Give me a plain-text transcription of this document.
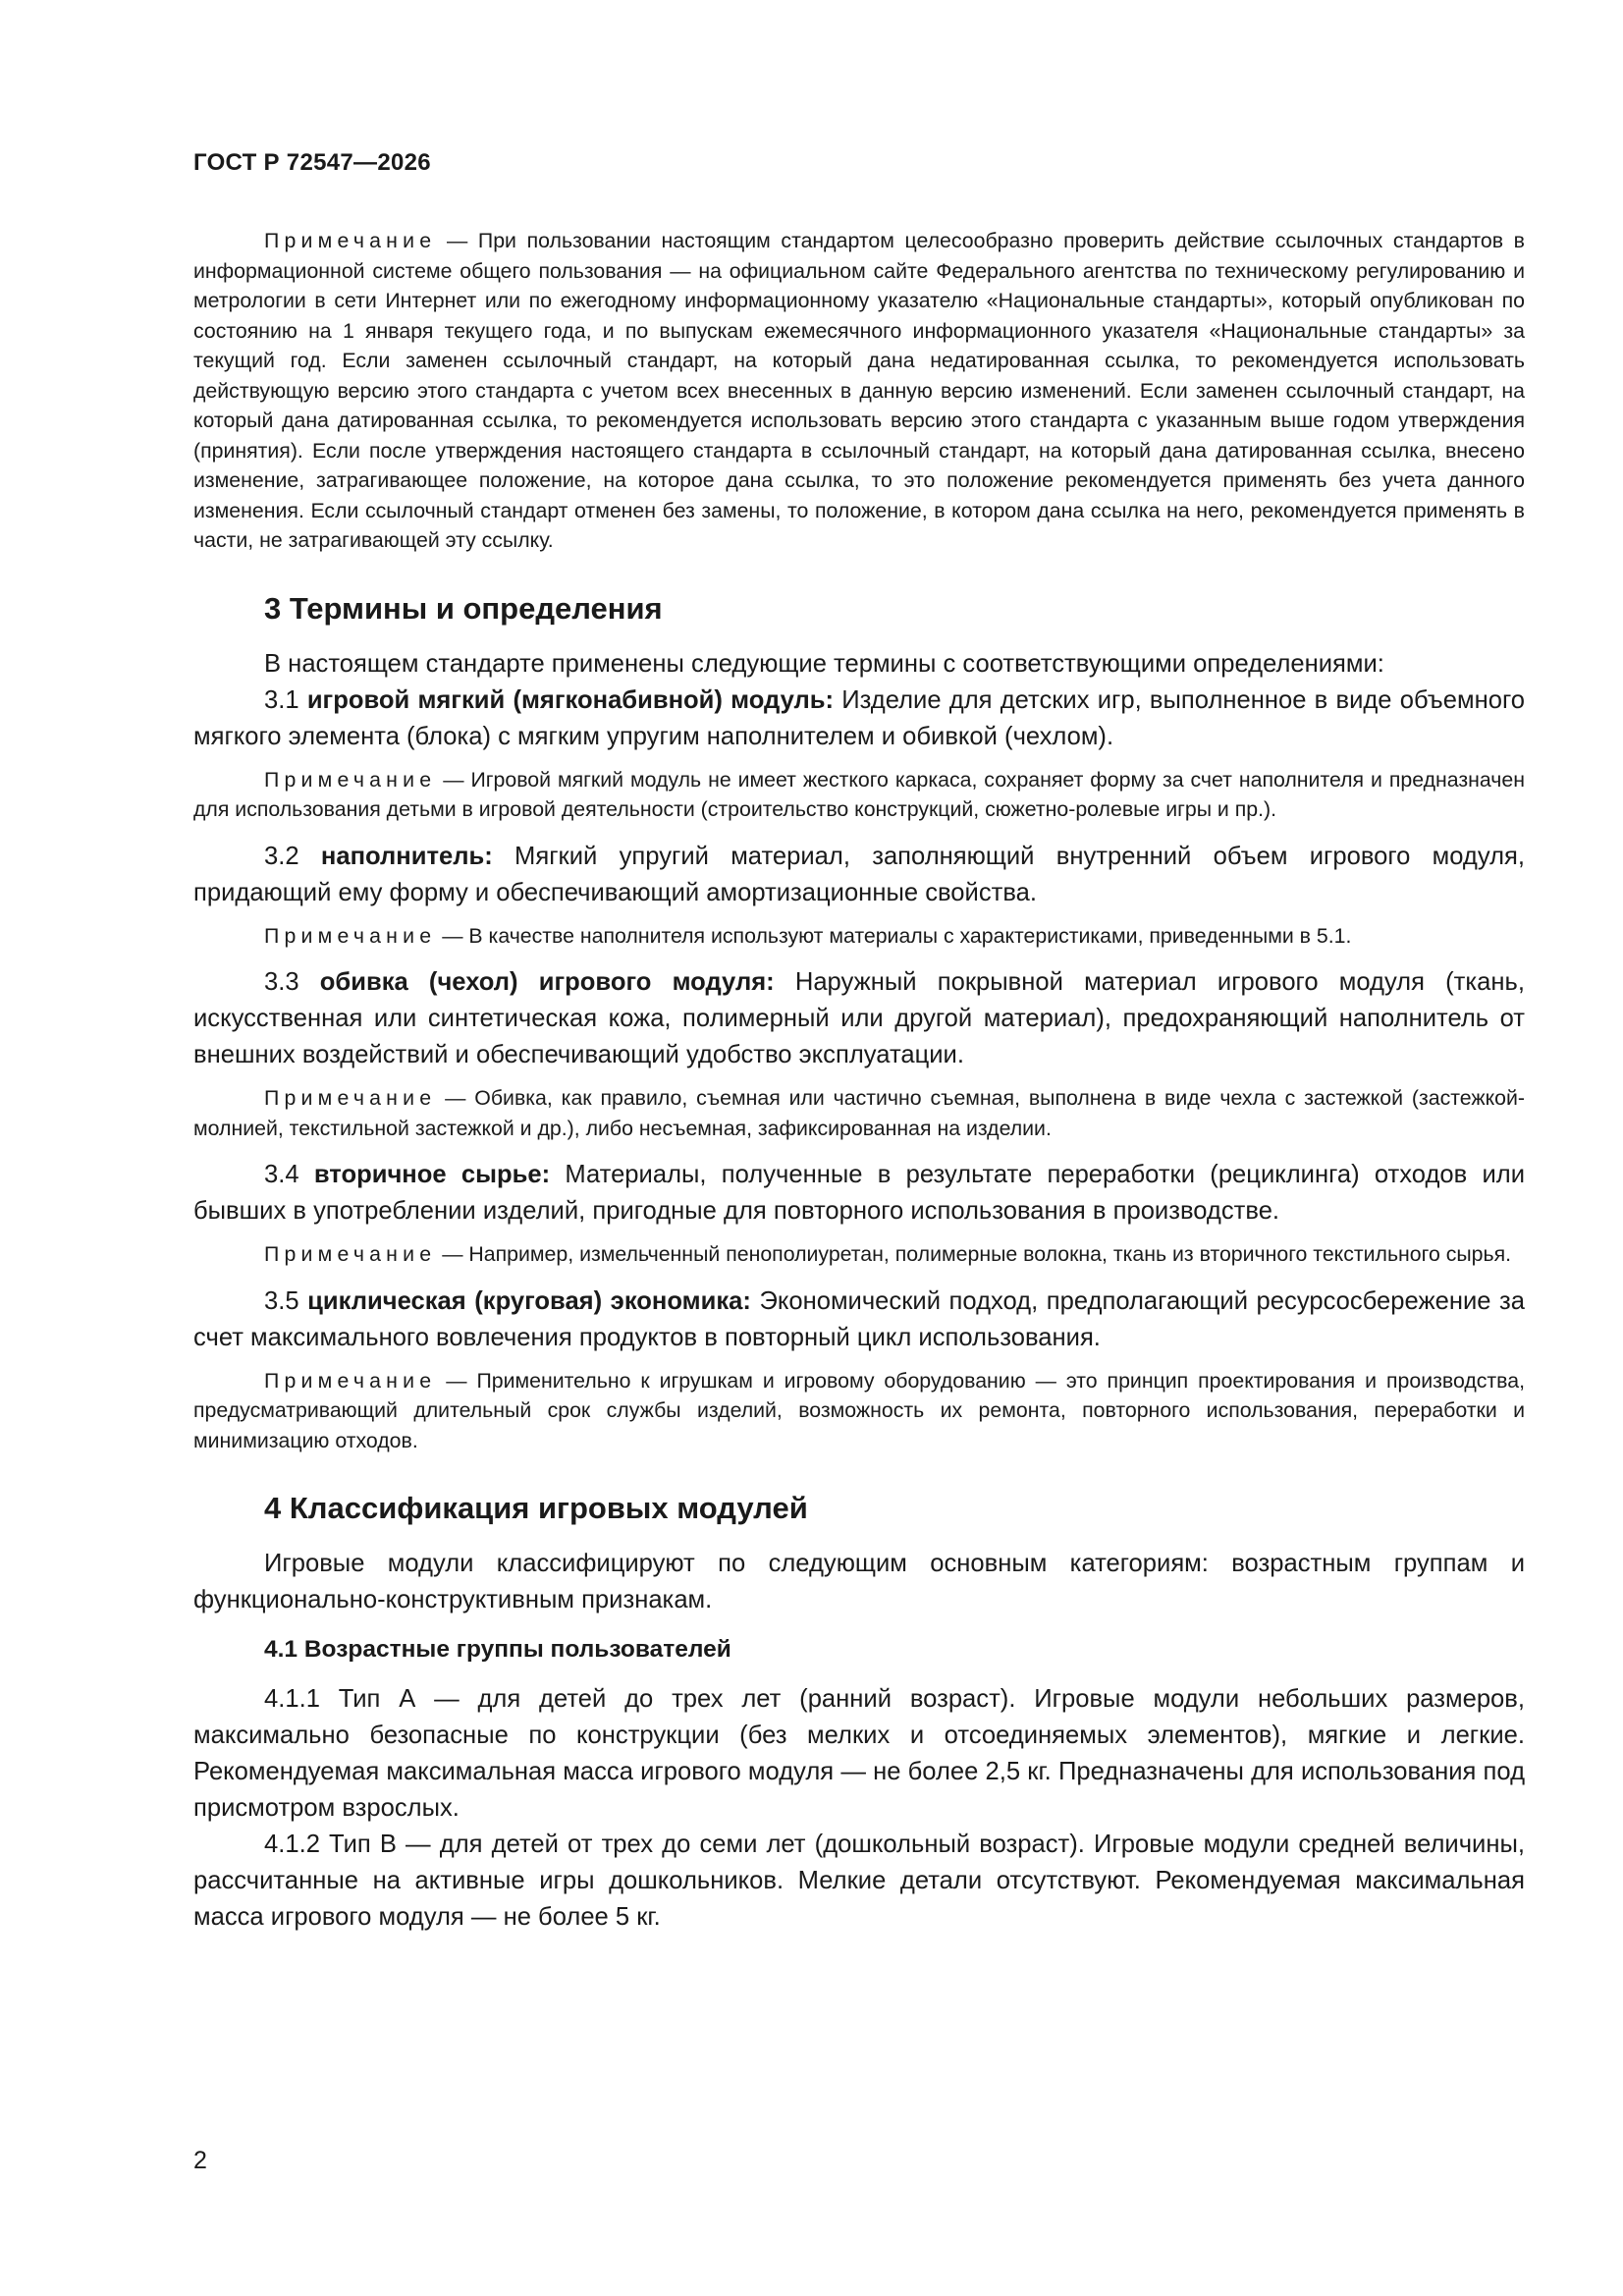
ГОСТ Р 72547—2026

Примечание — При пользовании настоящим стандартом целесообразно проверить действие ссылочных стандартов в информационной системе общего пользования — на официальном сайте Федерального агентства по техническому регулированию и метрологии в сети Интернет или по ежегодному информационному указателю «Национальные стандарты», который опубликован по состоянию на 1 января текущего года, и по выпускам ежемесячного информационного указателя «Национальные стандарты» за текущий год. Если заменен ссылочный стандарт, на который дана недатированная ссылка, то рекомендуется использовать действующую версию этого стандарта с учетом всех внесенных в данную версию изменений. Если заменен ссылочный стандарт, на который дана датированная ссылка, то рекомендуется использовать версию этого стандарта с указанным выше годом утверждения (принятия). Если после утверждения настоящего стандарта в ссылочный стандарт, на который дана датированная ссылка, внесено изменение, затрагивающее положение, на которое дана ссылка, то это положение рекомендуется применять без учета данного изменения. Если ссылочный стандарт отменен без замены, то положение, в котором дана ссылка на него, рекомендуется применять в части, не затрагивающей эту ссылку.

3 Термины и определения

В настоящем стандарте применены следующие термины с соответствующими определениями:

3.1 игровой мягкий (мягконабивной) модуль: Изделие для детских игр, выполненное в виде объемного мягкого элемента (блока) с мягким упругим наполнителем и обивкой (чехлом).

Примечание — Игровой мягкий модуль не имеет жесткого каркаса, сохраняет форму за счет наполнителя и предназначен для использования детьми в игровой деятельности (строительство конструкций, сюжетно-ролевые игры и пр.).

3.2 наполнитель: Мягкий упругий материал, заполняющий внутренний объем игрового модуля, придающий ему форму и обеспечивающий амортизационные свойства.

Примечание — В качестве наполнителя используют материалы с характеристиками, приведенными в 5.1.

3.3 обивка (чехол) игрового модуля: Наружный покрывной материал игрового модуля (ткань, искусственная или синтетическая кожа, полимерный или другой материал), предохраняющий наполнитель от внешних воздействий и обеспечивающий удобство эксплуатации.

Примечание — Обивка, как правило, съемная или частично съемная, выполнена в виде чехла с застежкой (застежкой-молнией, текстильной застежкой и др.), либо несъемная, зафиксированная на изделии.

3.4 вторичное сырье: Материалы, полученные в результате переработки (рециклинга) отходов или бывших в употреблении изделий, пригодные для повторного использования в производстве.

Примечание — Например, измельченный пенополиуретан, полимерные волокна, ткань из вторичного текстильного сырья.

3.5 циклическая (круговая) экономика: Экономический подход, предполагающий ресурсосбережение за счет максимального вовлечения продуктов в повторный цикл использования.

Примечание — Применительно к игрушкам и игровому оборудованию — это принцип проектирования и производства, предусматривающий длительный срок службы изделий, возможность их ремонта, повторного использования, переработки и минимизацию отходов.

4 Классификация игровых модулей

Игровые модули классифицируют по следующим основным категориям: возрастным группам и функционально-конструктивным признакам.

4.1 Возрастные группы пользователей

4.1.1 Тип А — для детей до трех лет (ранний возраст). Игровые модули небольших размеров, максимально безопасные по конструкции (без мелких и отсоединяемых элементов), мягкие и легкие. Рекомендуемая максимальная масса игрового модуля — не более 2,5 кг. Предназначены для использования под присмотром взрослых.

4.1.2 Тип В — для детей от трех до семи лет (дошкольный возраст). Игровые модули средней величины, рассчитанные на активные игры дошкольников. Мелкие детали отсутствуют. Рекомендуемая максимальная масса игрового модуля — не более 5 кг.

2
